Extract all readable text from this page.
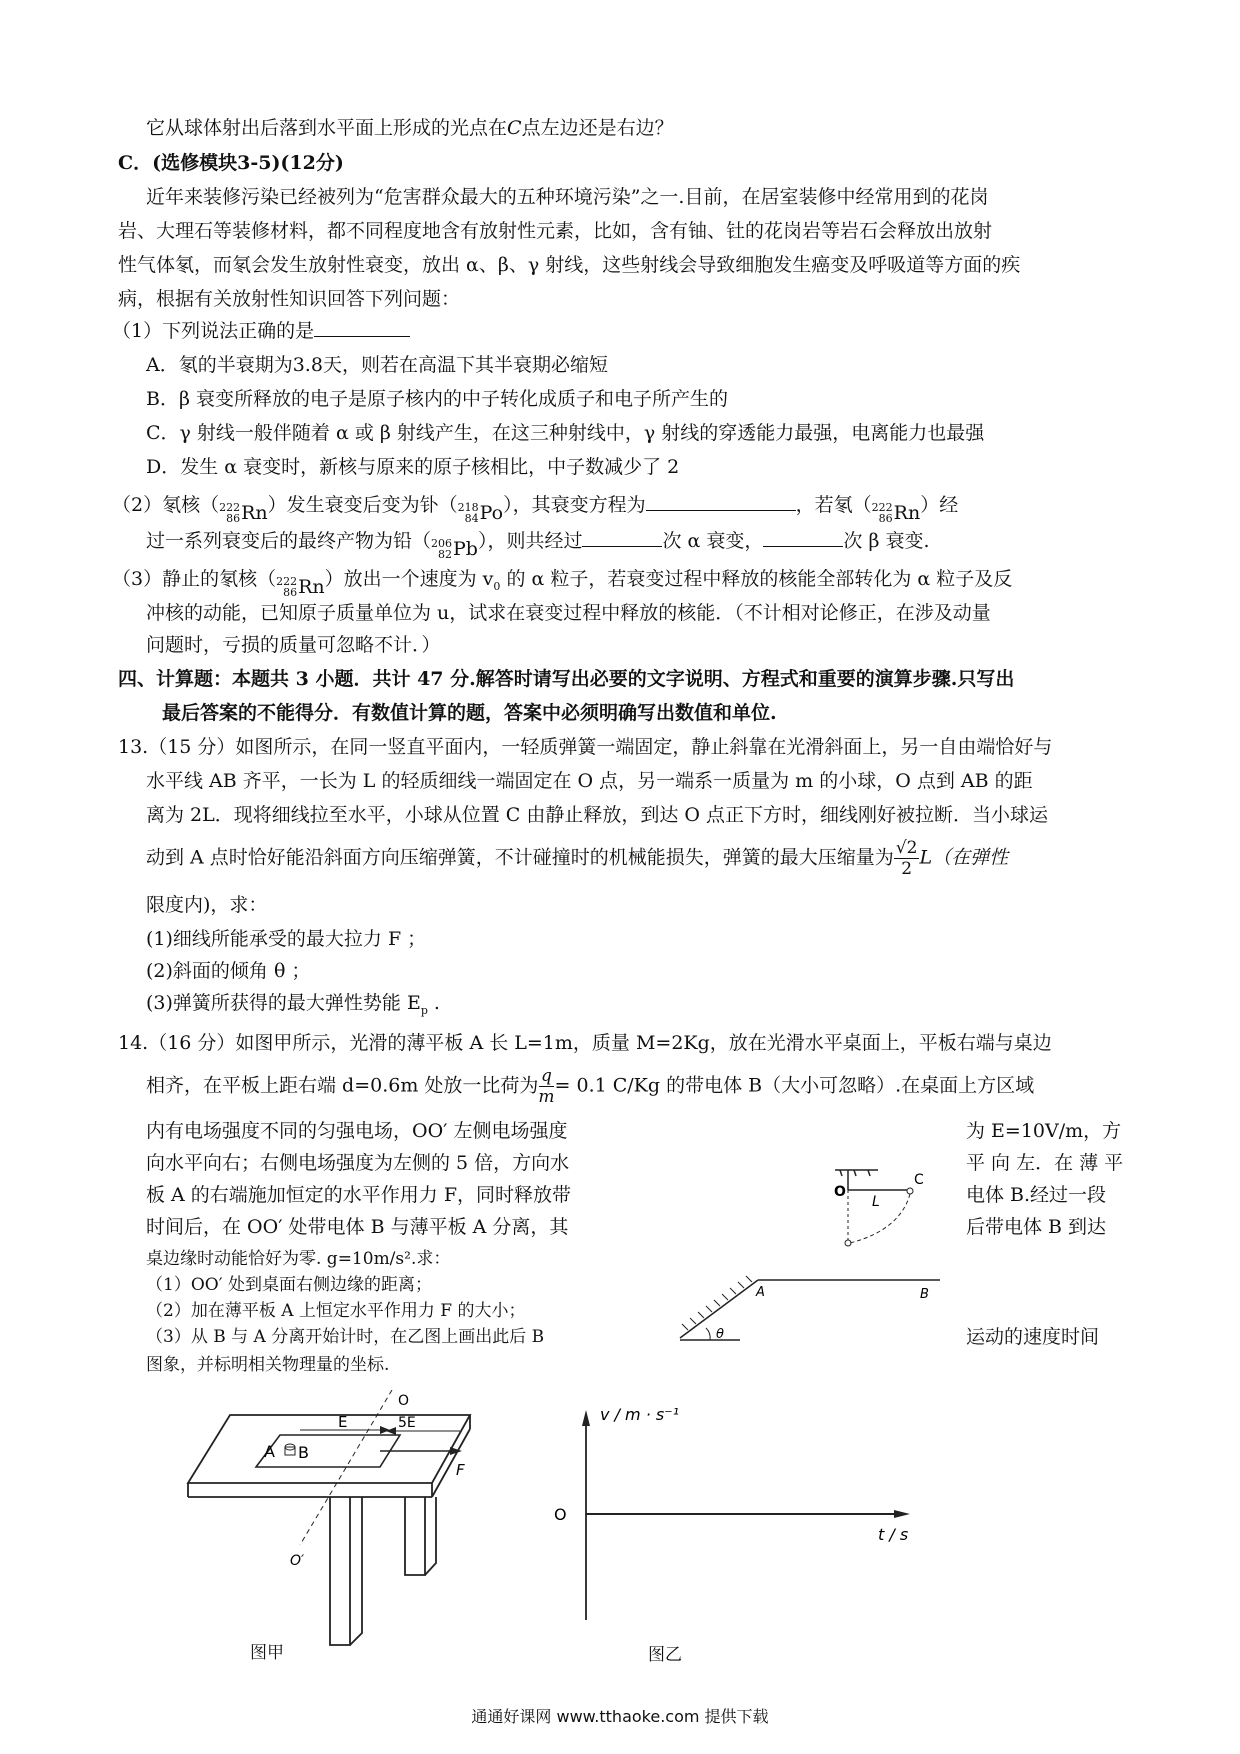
它从球体射出后落到水平面上形成的光点在C点左边还是右边？
C．(选修模块3-5)(12分)
近年来装修污染已经被列为“危害群众最大的五种环境污染”之一.目前，在居室装修中经常用到的花岗
岩、大理石等装修材料，都不同程度地含有放射性元素，比如，含有铀、钍的花岗岩等岩石会释放出放射
性气体氡，而氡会发生放射性衰变，放出 α、β、γ 射线，这些射线会导致细胞发生癌变及呼吸道等方面的疾
病，根据有关放射性知识回答下列问题：
（1）下列说法正确的是
A．氡的半衰期为3.8天，则若在高温下其半衰期必缩短
B．β 衰变所释放的电子是原子核内的中子转化成质子和电子所产生的
C．γ 射线一般伴随着 α 或 β 射线产生，在这三种射线中，γ 射线的穿透能力最强，电离能力也最强
D．发生 α 衰变时，新核与原来的原子核相比，中子数减少了 2
（2）氡核（ 222
86 Rn ）发生衰变后变为钋（ 218
84 Po ），其衰变方程为	，若氡（ 222
86 Rn ）经
过一系列衰变后的最终产物为铅（ 206
82 Pb ），则共经过	次 α 衰变，	次 β 衰变.
（3）静止的氡核（ 222
86 Rn ）放出一个速度为 $v_0$ 的 α 粒子，若衰变过程中释放的核能全部转化为 α 粒子及反
冲核的动能，已知原子质量单位为 u，试求在衰变过程中释放的核能．（不计相对论修正，在涉及动量
问题时，亏损的质量可忽略不计．）
四、计算题：本题共 3 小题．共计 47 分.解答时请写出必要的文字说明、方程式和重要的演算步骤.只写出
最后答案的不能得分．有数值计算的题，答案中必须明确写出数值和单位.
13.（15 分）如图所示，在同一竖直平面内，一轻质弹簧一端固定，静止斜靠在光滑斜面上，另一自由端恰好与
水平线 AB 齐平，一长为 L 的轻质细线一端固定在 O 点，另一端系一质量为 m 的小球，O 点到 AB 的距
离为 2L．现将细线拉至水平，小球从位置 C 由静止释放，到达 O 点正下方时，细线刚好被拉断．当小球运
动到 A 点时恰好能沿斜面方向压缩弹簧，不计碰撞时的机械能损失，弹簧的最大压缩量为 $\frac{√2}{2} L$（在弹性
限度内)，求：
(1)细线所能承受的最大拉力 F ；
(2)斜面的倾角 θ ；
(3)弹簧所获得的最大弹性势能 $E_p$ .
14.（16 分）如图甲所示，光滑的薄平板 A 长 L=1m，质量 M=2Kg，放在光滑水平桌面上，平板右端与桌边
相齐，在平板上距右端 d=0.6m 处放一比荷为 $\frac{q}{m} = 0.1$ C/Kg 的带电体 B（大小可忽略）.在桌面上方区域
内有电场强度不同的匀强电场，OO′ 左侧电场强度
向水平向右；右侧电场强度为左侧的 5 倍，方向水
板 A 的右端施加恒定的水平作用力 F，同时释放带
时间后，在 OO′ 处带电体 B 与薄平板 A 分离，其
桌边缘时动能恰好为零. g=10m/s².求：
（1）OO′ 处到桌面右侧边缘的距离；
（2）加在薄平板 A 上恒定水平作用力 F 的大小；
（3）从 B 与 A 分离开始计时，在乙图上画出此后 B
图象，并标明相关物理量的坐标.
为 E=10V/m，方
平 向 左．在 薄 平
电体 B.经过一段
后带电体 B 到达
运动的速度时间
O
L
C
A	B
θ
A B
O
O′
E	5E
F
图甲
v / m · s⁻¹
t / s
O
图乙
通通好课网 www.tthaoke.com 提供下载
